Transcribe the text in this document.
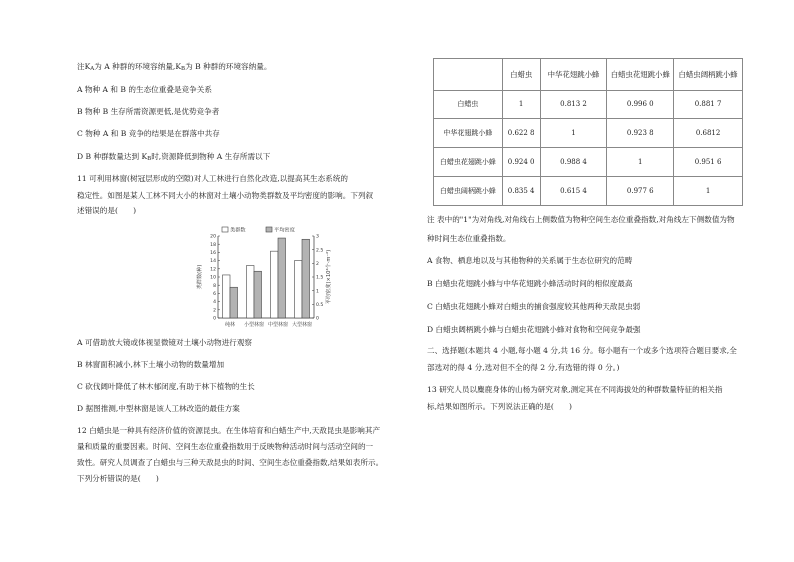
注KA为 A 种群的环境容纳量,KB为 B 种群的环境容纳量。
A 物种 A 和 B 的生态位重叠是竞争关系
B 物种 B 生存所需资源更低,是优势竞争者
C 物种 A 和 B 竞争的结果是在群落中共存
D B 种群数量达到 KB时,资源降低到物种 A 生存所需以下
11 可利用林窗(树冠层形成的空隙)对人工林进行自然化改造,以提高其生态系统的
稳定性。如图是某人工林不同大小的林窗对土壤小动物类群数及平均密度的影响。下列叙
述错误的是(　　)
0
2
4
6
8
10
12
14
16
18
20
0
0.5
1
1.5
2
2.5
3
类群数(种)	平均密度(×10⁴个·m⁻²)
纯林 小型林窗 中型林窗 大型林窗
类群数	平均密度
A 可借助放大镜或体视显微镜对土壤小动物进行观察
B 林窗面积减小,林下土壤小动物的数量增加
C 砍伐阔叶降低了林木郁闭度,有助于林下植物的生长
D 据图推测,中型林窗是该人工林改造的最佳方案
12 白蜡虫是一种具有经济价值的资源昆虫。在生体培育和白蜡生产中,天敌昆虫是影响其产
量和质量的重要因素。时间、空间生态位重叠指数用于反映物种活动时间与活动空间的一
致性。研究人员调查了白蜡虫与三种天敌昆虫的时间、空间生态位重叠指数,结果如表所示。
下列分析错误的是(　　)
	白蜡虫	中华花翅跳小蜂	白蜡虫花翅跳小蜂	白蜡虫阔柄跳小蜂
白蜡虫	1	0.813 2	0.996 0	0.881 7
中华花翅跳小蜂	0.622 8	1	0.923 8	0.6812
白蜡虫花翅跳小蜂	0.924 0	0.988 4	1	0.951 6
白蜡虫阔柄跳小蜂	0.835 4	0.615 4	0.977 6	1
注 表中的"1"为对角线,对角线右上侧数值为物种空间生态位重叠指数,对角线左下侧数值为物
种时间生态位重叠指数。
A 食物、栖息地以及与其他物种的关系属于生态位研究的范畴
B 白蜡虫花翅跳小蜂与中华花翅跳小蜂活动时间的相似度最高
C 白蜡虫花翅跳小蜂对白蜡虫的捕食强度较其他两种天敌昆虫弱
D 白蜡虫阔柄跳小蜂与白蜡虫花翅跳小蜂对食物和空间竞争最强
二、选择题(本题共 4 小题,每小题 4 分,共 16 分。每小题有一个或多个选项符合题目要求,全
部选对的得 4 分,选对但不全的得 2 分,有选错的得 0 分。)
13 研究人员以麋鹿身体的山杨为研究对象,测定其在不同海拔处的种群数量特征的相关指
标,结果如图所示。下列说法正确的是(　　)
